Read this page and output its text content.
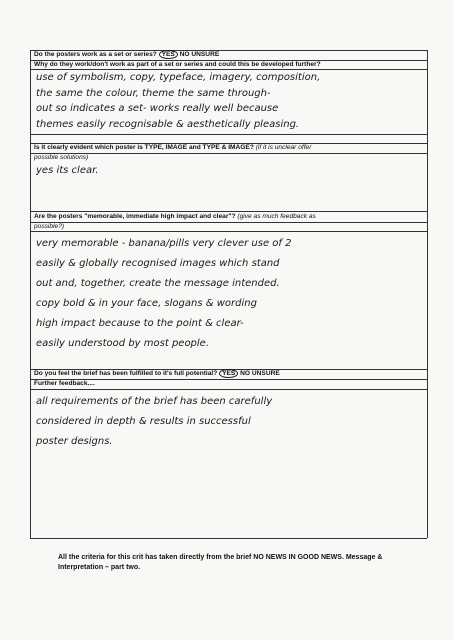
Do the posters work as a set or series? YES NO UNSURE
Why do they work/don't work as part of a set or series and could this be developed further?
use of symbolism, copy, typeface, imagery, composition,
the same the colour, theme the same through-
out so indicates a set- works really well because
themes easily recognisable & aesthetically pleasing.
Is it clearly evident which poster is TYPE, IMAGE and TYPE & IMAGE? (if it is unclear offer
possible solutions)
yes its clear.
Are the posters "memorable, immediate high impact and clear"? (give as much feedback as
possible?)
very memorable - banana/pills very clever use of 2
easily & globally recognised images which stand
out and, together, create the message intended.
copy bold & in your face, slogans & wording
high impact because to the point & clear-
easily understood by most people.
Do you feel the brief has been fulfilled to it's full potential? YES NO UNSURE
Further feedback....
all requirements of the brief has been carefully
considered in depth & results in successful
poster designs.
All the criteria for this crit has taken directly from the brief NO NEWS IN GOOD NEWS. Message & Interpretation – part two.
